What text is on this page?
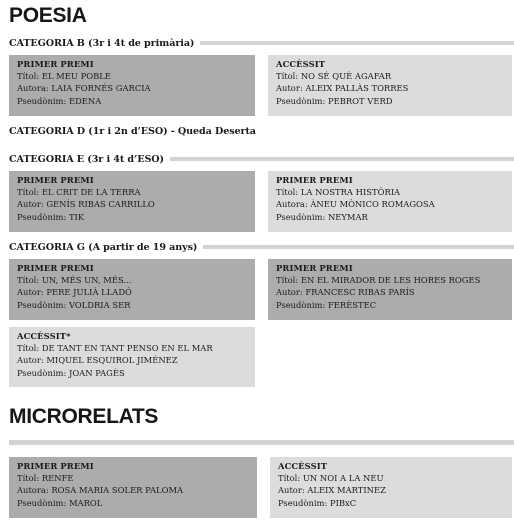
POESIA
CATEGORIA B (3r i 4t de primària)
PRIMER PREMI
Títol: EL MEU POBLE
Autora: LAIA FORNÉS GARCIA
Pseudònim: EDENA
ACCÈSSIT
Títol: NO SÉ QUÈ AGAFAR
Autor: ALEIX PALLÀS TORRES
Pseudònim: PEBROT VERD
CATEGORIA D (1r i 2n d’ESO) - Queda Deserta
CATEGORIA E (3r i 4t d’ESO)
PRIMER PREMI
Títol: EL CRIT DE LA TERRA
Autor: GENÍS RIBAS CARRILLO
Pseudònim: TIK
PRIMER PREMI
Títol: LA NOSTRA HISTÒRIA
Autora: ÀNEU MÒNICO ROMAGOSA
Pseudònim: NEYMAR
CATEGORIA G (A partir de 19 anys)
PRIMER PREMI
Títol: UN, MÉS UN, MÉS...
Autor: PERE JULIÀ LLADÓ
Pseudònim: VOLDRIA SER
PRIMER PREMI
Títol: EN EL MIRADOR DE LES HORES ROGES
Autor: FRANCESC RIBAS PARÍS
Pseudònim: FERÈSTEC
ACCÈSSIT*
Títol: DE TANT EN TANT PENSO EN EL MAR
Autor: MIQUEL ESQUIROL JIMÉNEZ
Pseudònim: JOAN PAGÈS
MICRORELATS
PRIMER PREMI
Títol: RENFE
Autora: ROSA MARIA SOLER PALOMA
Pseudònim: MAROL
ACCÈSSIT
Títol: UN NOI A LA NEU
Autor: ALEIX MARTINEZ
Pseudònim: PIBxC
